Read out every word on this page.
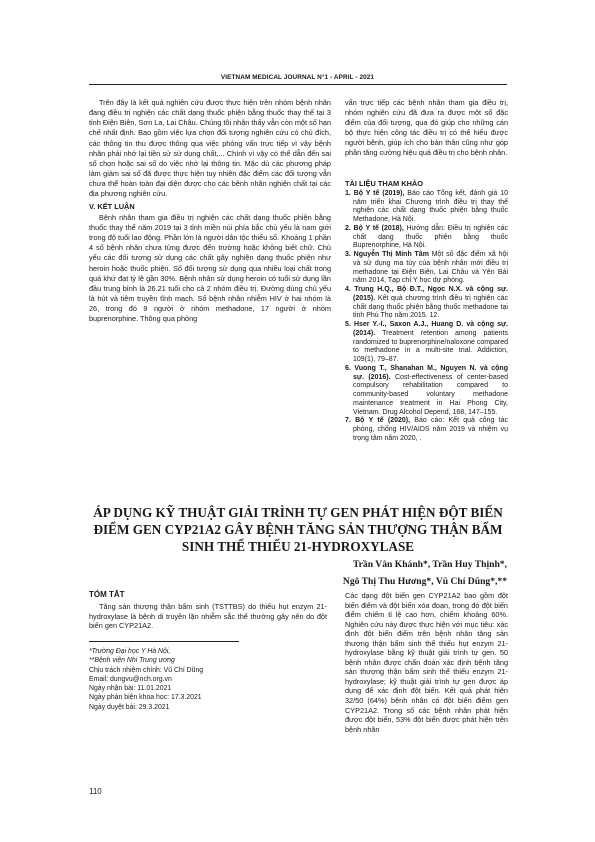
VIETNAM MEDICAL JOURNAL N°1 - APRIL - 2021

Trên đây là kết quả nghiên cứu được thực hiện trên nhóm bệnh nhân đang điều trị nghiện các chất dạng thuốc phiện bằng thuốc thay thế tại 3 tỉnh Điện Biên, Sơn La, Lai Châu. Chúng tôi nhận thấy vẫn còn một số hạn chế nhất định. Bao gồm việc lựa chọn đối tượng nghiên cứu có chủ đích, các thông tin thu được thông qua việc phỏng vấn trực tiếp vì vậy bệnh nhân phải nhớ lại tiền sử sử dụng chất,... Chính vì vậy có thể dẫn đến sai số chọn hoặc sai số do việc nhớ lại thông tin. Mặc dù các phương pháp làm giảm sai số đã được thực hiện tuy nhiên đặc điểm các đối tượng vẫn chưa thể hoàn toàn đại diện được cho các bệnh nhân nghiện chất tại các địa phương nghiên cứu.

V. KẾT LUẬN

Bệnh nhân tham gia điều trị nghiện các chất dạng thuốc phiện bằng thuốc thay thế năm 2019 tại 3 tỉnh miền núi phía bắc chủ yếu là nam giới trong độ tuổi lao động. Phần lớn là người dân tộc thiểu số. Khoảng 1 phần 4 số bệnh nhân chưa từng được đến trường hoặc không biết chữ. Chủ yếu các đối tượng sử dụng các chất gây nghiện dạng thuốc phiện như heroin hoặc thuốc phiện. Số đối tượng sử dụng qua nhiều loại chất trong quá khứ đạt tỷ lệ gần 30%. Bệnh nhân sử dụng heroin có tuổi sử dụng lần đầu trung bình là 26.21 tuổi cho cả 2 nhóm điều trị. Đường dùng chủ yếu là hút và tiêm truyền tĩnh mạch. Số bệnh nhân nhiễm HIV ở hai nhóm là 26, trong đó 9 người ở nhóm methadone, 17 người ở nhóm buprenorphine. Thông qua phỏng

vấn trực tiếp các bệnh nhân tham gia điều trị, nhóm nghiên cứu đã đưa ra được một số đặc điểm của đối tượng, qua đó giúp cho những cán bộ thực hiện công tác điều trị có thể hiểu được người bệnh, giúp ích cho bản thân cũng như góp phần tăng cường hiệu quả điều trị cho bệnh nhân.
TÀI LIỆU THAM KHẢO
1. Bộ Y tế (2019), Báo cáo Tổng kết, đánh giá 10 năm triển khai Chương trình điều trị thay thế nghiện các chất dạng thuốc phiện bằng thuốc Methadone, Hà Nội.
2. Bộ Y tế (2018), Hướng dẫn: Điều trị nghiện các chất dạng thuốc phiện bằng thuốc Buprenorphine, Hà Nội.
3. Nguyễn Thị Minh Tâm Một số đặc điểm xã hội và sử dụng ma túy của bệnh nhân mới điều trị methadone tại Điện Biên, Lai Châu và Yên Bái năm 2014, Tạp chí Y học dự phòng.
4. Trung H.Q., Bộ Đ.T., Ngọc N.X. và cộng sự. (2015). Kết quả chương trình điều trị nghiện các chất dạng thuốc phiện bằng thuốc methadone tại tỉnh Phú Thọ năm 2015. 12.
5. Hser Y.-I., Saxon A.J., Huang D. và cộng sự. (2014). Treatment retention among patients randomized to buprenorphine/naloxone compared to methadone in a multi-site trial. Addiction, 109(1), 79–87.
6. Vuong T., Shanahan M., Nguyen N. và cộng sự. (2016). Cost-effectiveness of center-based compulsory rehabilitation compared to community-based voluntary methadone maintenance treatment in Hai Phong City, Vietnam. Drug Alcohol Depend, 168, 147–155.
7. Bộ Y tế (2020), Báo cáo: Kết quả công tác phòng, chống HIV/AIDS năm 2019 và nhiệm vụ trọng tâm năm 2020, .
ÁP DỤNG KỸ THUẬT GIẢI TRÌNH TỰ GEN PHÁT HIỆN ĐỘT BIẾN ĐIỂM GEN CYP21A2 GÂY BỆNH TĂNG SẢN THƯỢNG THẬN BẨM SINH THỂ THIẾU 21-HYDROXYLASE
Trần Vân Khánh*, Trần Huy Thịnh*,
Ngô Thị Thu Hương*, Vũ Chí Dũng*,**
TÓM TẮT
Tăng sản thượng thận bẩm sinh (TSTTBS) do thiếu hụt enzym 21-hydroxylase là bệnh di truyền lặn nhiễm sắc thể thường gây nên do đột biến gen CYP21A2.
Các dạng đột biến gen CYP21A2 bao gồm đột biến điểm và đột biến xóa đoạn, trong đó đột biến điểm chiếm tỉ lệ cao hơn, chiếm khoảng 60%. Nghiên cứu này được thực hiện với mục tiêu: xác định đột biến điểm trên bệnh nhân tăng sản thượng thận bẩm sinh thể thiếu hụt enzym 21- hydroxylase bằng kỹ thuật giải trình tự gen. 50 bệnh nhân được chẩn đoán xác định bệnh tăng sản thượng thận bẩm sinh thể thiếu enzym 21- hydroxylase; kỹ thuật giải trình tự gen được áp dụng để xác định đột biến. Kết quả phát hiện 32/50 (64%) bệnh nhân có đột biến điểm gen CYP21A2. Trong số các bệnh nhân phát hiện được đột biến, 53% đột biến được phát hiện trên bệnh nhân
*Trường Đại học Y Hà Nội,
**Bệnh viện Nhi Trung ương
Chịu trách nhiệm chính: Vũ Chí Dũng
Email: dungvu@nch.org.vn
Ngày nhận bài: 11.01.2021
Ngày phản biện khoa học: 17.3.2021
Ngày duyệt bài: 29.3.2021
110
